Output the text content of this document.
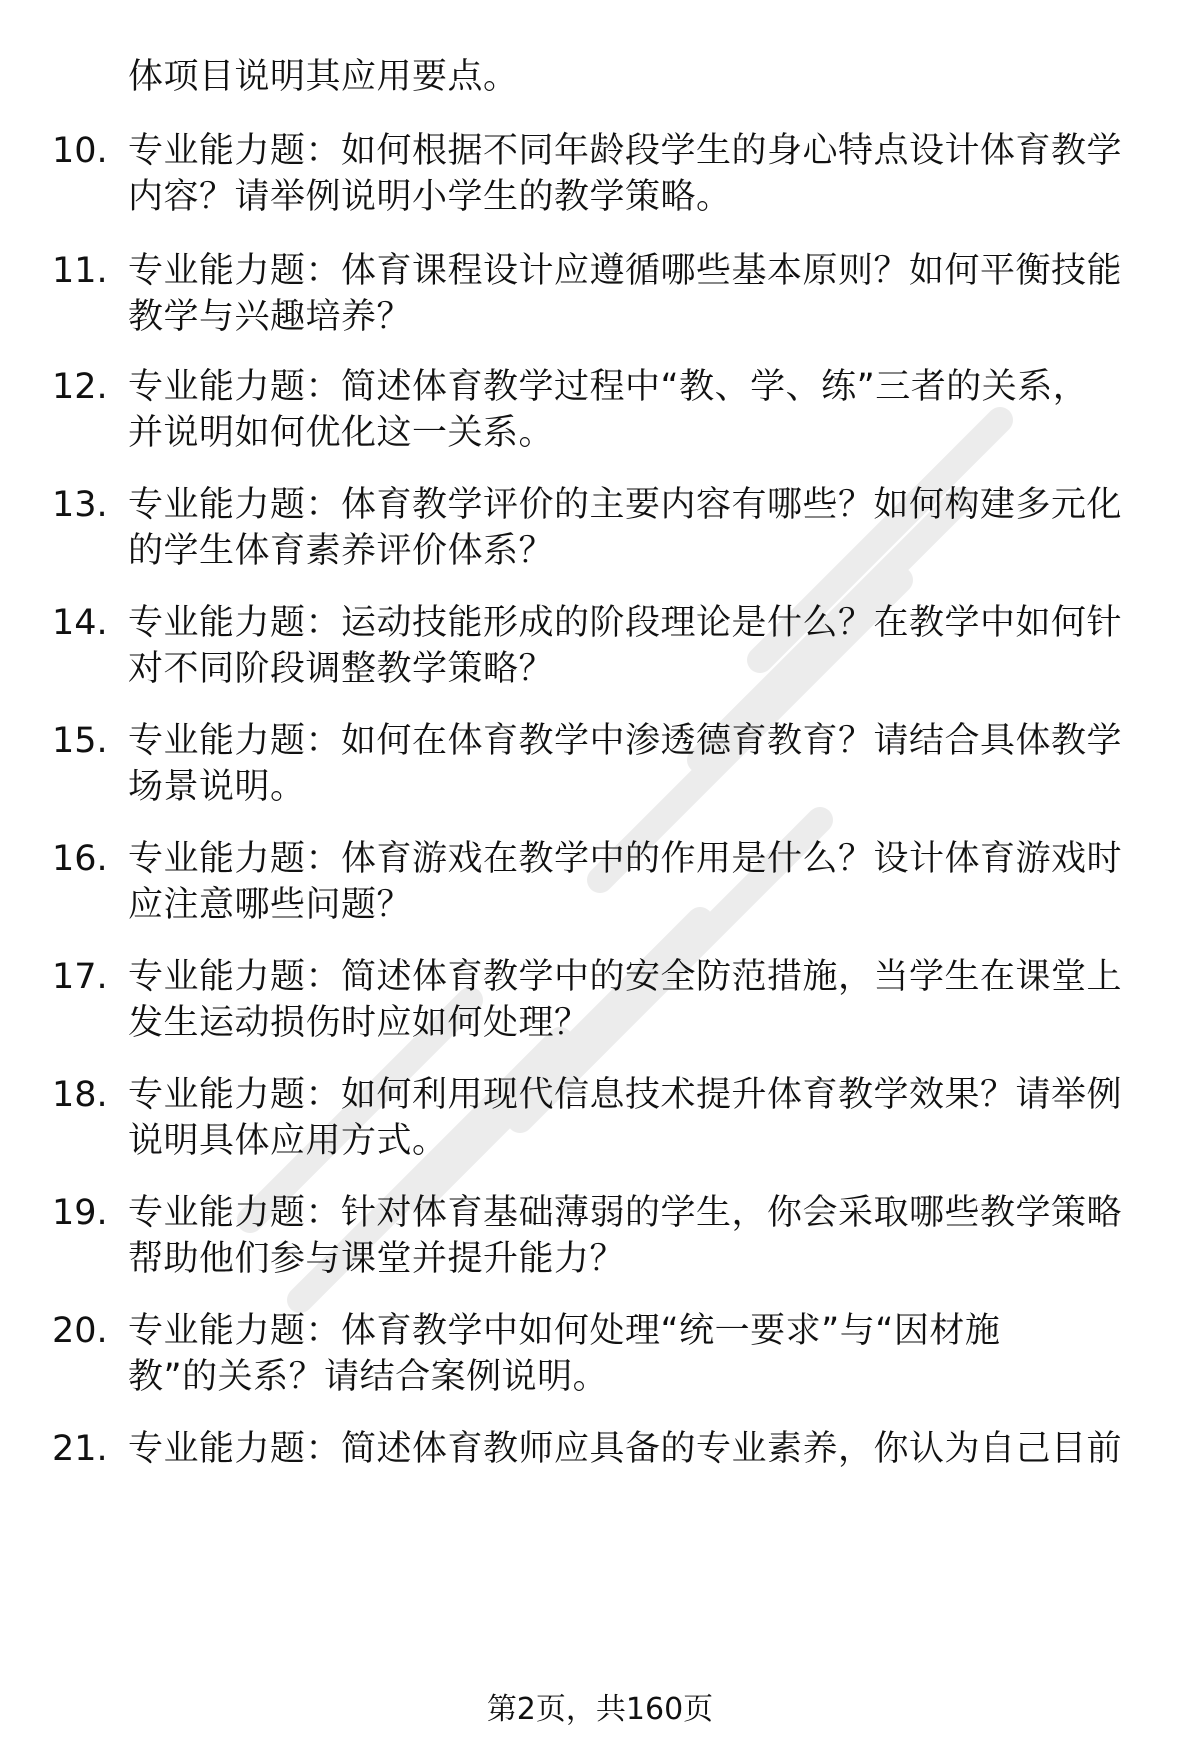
体项目说明其应用要点。
10. 专业能力题：如何根据不同年龄段学生的身心特点设计体育教学
内容？请举例说明小学生的教学策略。
11. 专业能力题：体育课程设计应遵循哪些基本原则？如何平衡技能
教学与兴趣培养？
12. 专业能力题：简述体育教学过程中“教、学、练”三者的关系，
并说明如何优化这一关系。
13. 专业能力题：体育教学评价的主要内容有哪些？如何构建多元化
的学生体育素养评价体系？
14. 专业能力题：运动技能形成的阶段理论是什么？在教学中如何针
对不同阶段调整教学策略？
15. 专业能力题：如何在体育教学中渗透德育教育？请结合具体教学
场景说明。
16. 专业能力题：体育游戏在教学中的作用是什么？设计体育游戏时
应注意哪些问题？
17. 专业能力题：简述体育教学中的安全防范措施，当学生在课堂上
发生运动损伤时应如何处理？
18. 专业能力题：如何利用现代信息技术提升体育教学效果？请举例
说明具体应用方式。
19. 专业能力题：针对体育基础薄弱的学生，你会采取哪些教学策略
帮助他们参与课堂并提升能力？
20. 专业能力题：体育教学中如何处理“统一要求”与“因材施
教”的关系？请结合案例说明。
21. 专业能力题：简述体育教师应具备的专业素养，你认为自己目前
第2页，共160页
